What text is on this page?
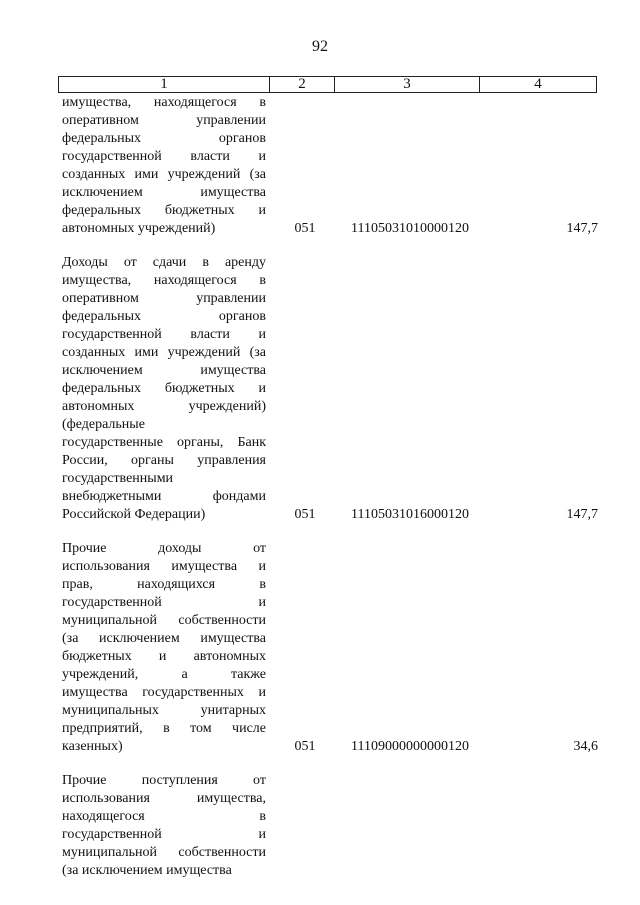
92
1	2	3	4
имущества, находящегося в
оперативном управлении
федеральных органов
государственной власти и
созданных ими учреждений (за
исключением имущества
федеральных бюджетных и
автономных учреждений)	051	11105031010000120	147,7
Доходы от сдачи в аренду
имущества, находящегося в
оперативном управлении
федеральных органов
государственной власти и
созданных ими учреждений (за
исключением имущества
федеральных бюджетных и
автономных учреждений)
(федеральные
государственные органы, Банк
России, органы управления
государственными
внебюджетными фондами
Российской Федерации)	051	11105031016000120	147,7
Прочие доходы от
использования имущества и
прав, находящихся в
государственной и
муниципальной собственности
(за исключением имущества
бюджетных и автономных
учреждений, а также
имущества государственных и
муниципальных унитарных
предприятий, в том числе
казенных)	051	11109000000000120	34,6
Прочие поступления от
использования имущества,
находящегося в
государственной и
муниципальной собственности
(за исключением имущества
